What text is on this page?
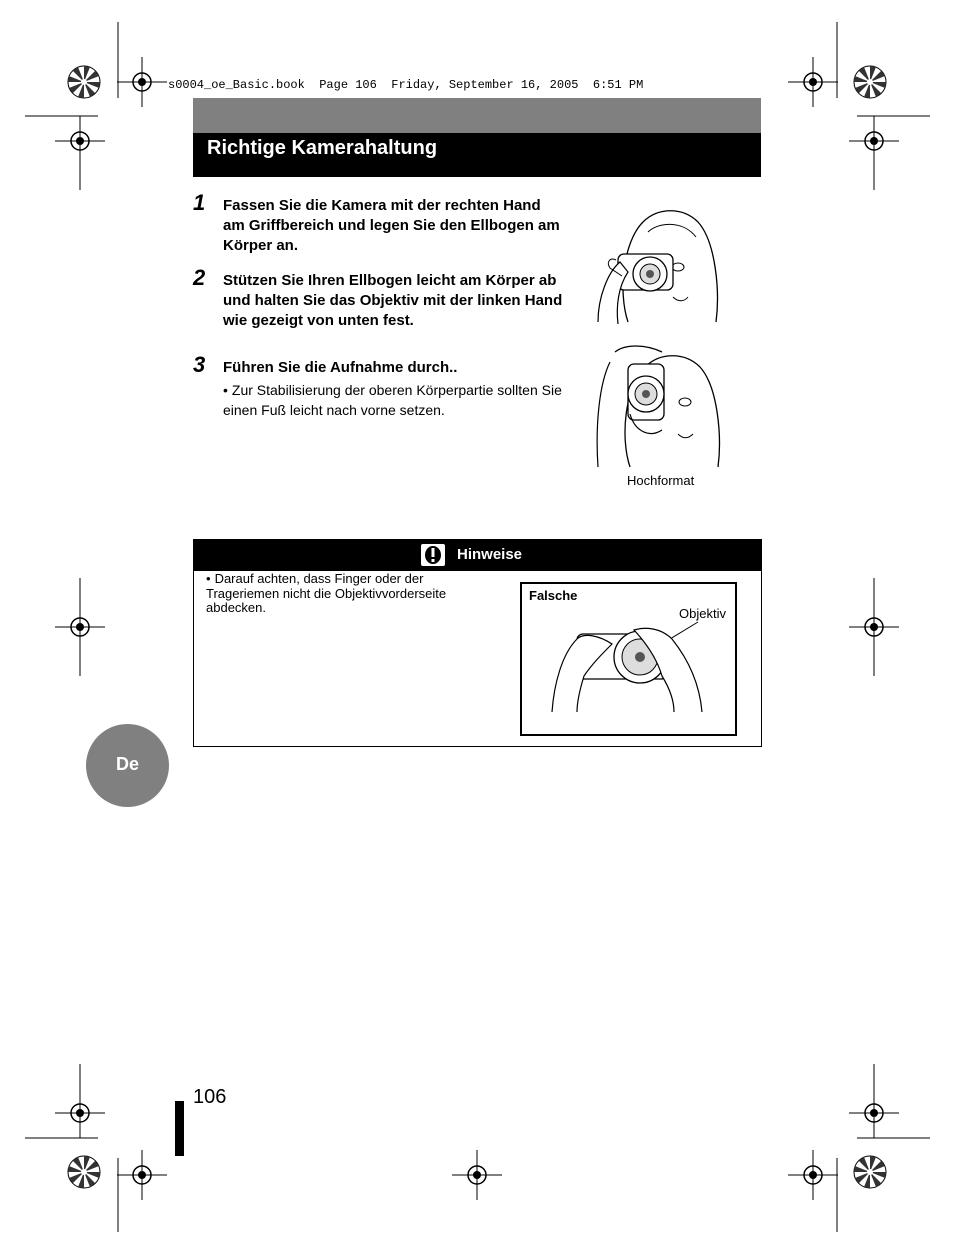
s0004_oe_Basic.book  Page 106  Friday, September 16, 2005  6:51 PM
Richtige Kamerahaltung
1 Fassen Sie die Kamera mit der rechten Hand am Griffbereich und legen Sie den Ellbogen am Körper an.
2 Stützen Sie Ihren Ellbogen leicht am Körper ab und halten Sie das Objektiv mit der linken Hand wie gezeigt von unten fest.
3 Führen Sie die Aufnahme durch..
• Zur Stabilisierung der oberen Körperpartie sollten Sie einen Fuß leicht nach vorne setzen.
Hochformat
Hinweise
• Darauf achten, dass Finger oder der Trageriemen nicht die Objektivvorderseite abdecken.
Falsche
Objektiv
De
106
